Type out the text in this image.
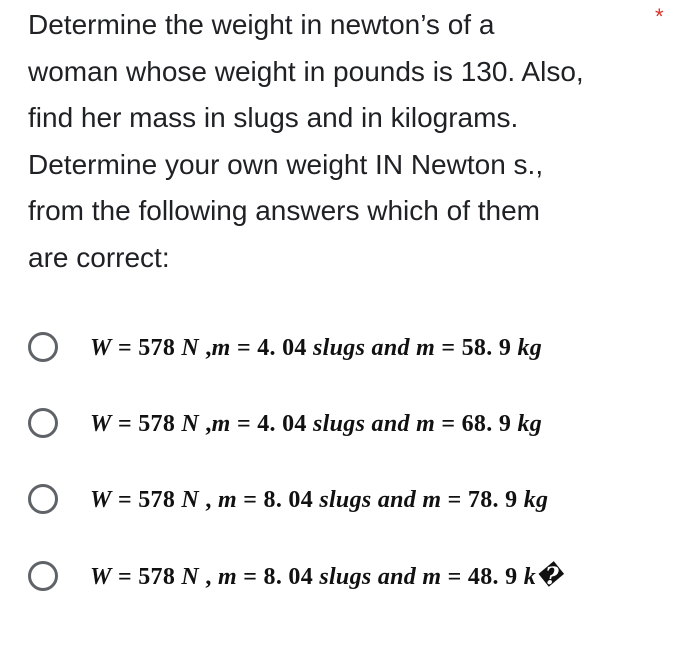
Determine the weight in newton’s of a
woman whose weight in pounds is 130. Also,
find her mass in slugs and in kilograms.
Determine your own weight IN Newton s.,
from the following answers which of them
are correct:

*
W = 578 N ,m = 4. 04 slugs and m = 58. 9 kg
W = 578 N ,m = 4. 04 slugs and m = 68. 9 kg
W = 578 N , m = 8. 04 slugs and m = 78. 9 kg
W = 578 N , m = 8. 04 slugs and m = 48. 9 k�
